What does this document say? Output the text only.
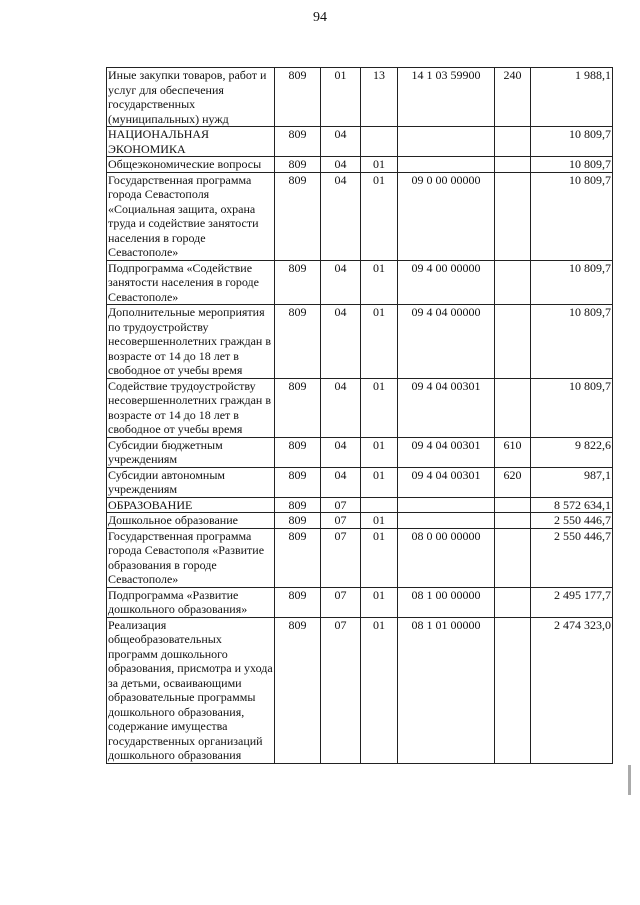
94
Иные закупки товаров, работ и услуг для обеспечения государственных (муниципальных) нужд	809	01	13	14 1 03 59900	240	1 988,1
НАЦИОНАЛЬНАЯ ЭКОНОМИКА	809	04				10 809,7
Общеэкономические вопросы	809	04	01			10 809,7
Государственная программа города Севастополя «Социальная защита, охрана труда и содействие занятости населения в городе Севастополе»	809	04	01	09 0 00 00000		10 809,7
Подпрограмма «Содействие занятости населения в городе Севастополе»	809	04	01	09 4 00 00000		10 809,7
Дополнительные мероприятия по трудоустройству несовершеннолетних граждан в возрасте от 14 до 18 лет в свободное от учебы время	809	04	01	09 4 04 00000		10 809,7
Содействие трудоустройству несовершеннолетних граждан в возрасте от 14 до 18 лет в свободное от учебы время	809	04	01	09 4 04 00301		10 809,7
Субсидии бюджетным учреждениям	809	04	01	09 4 04 00301	610	9 822,6
Субсидии автономным учреждениям	809	04	01	09 4 04 00301	620	987,1
ОБРАЗОВАНИЕ	809	07				8 572 634,1
Дошкольное образование	809	07	01			2 550 446,7
Государственная программа города Севастополя «Развитие образования в городе Севастополе»	809	07	01	08 0 00 00000		2 550 446,7
Подпрограмма «Развитие дошкольного образования»	809	07	01	08 1 00 00000		2 495 177,7
Реализация общеобразовательных программ дошкольного образования, присмотра и ухода за детьми, осваивающими образовательные программы дошкольного образования, содержание имущества государственных организаций дошкольного образования	809	07	01	08 1 01 00000		2 474 323,0
